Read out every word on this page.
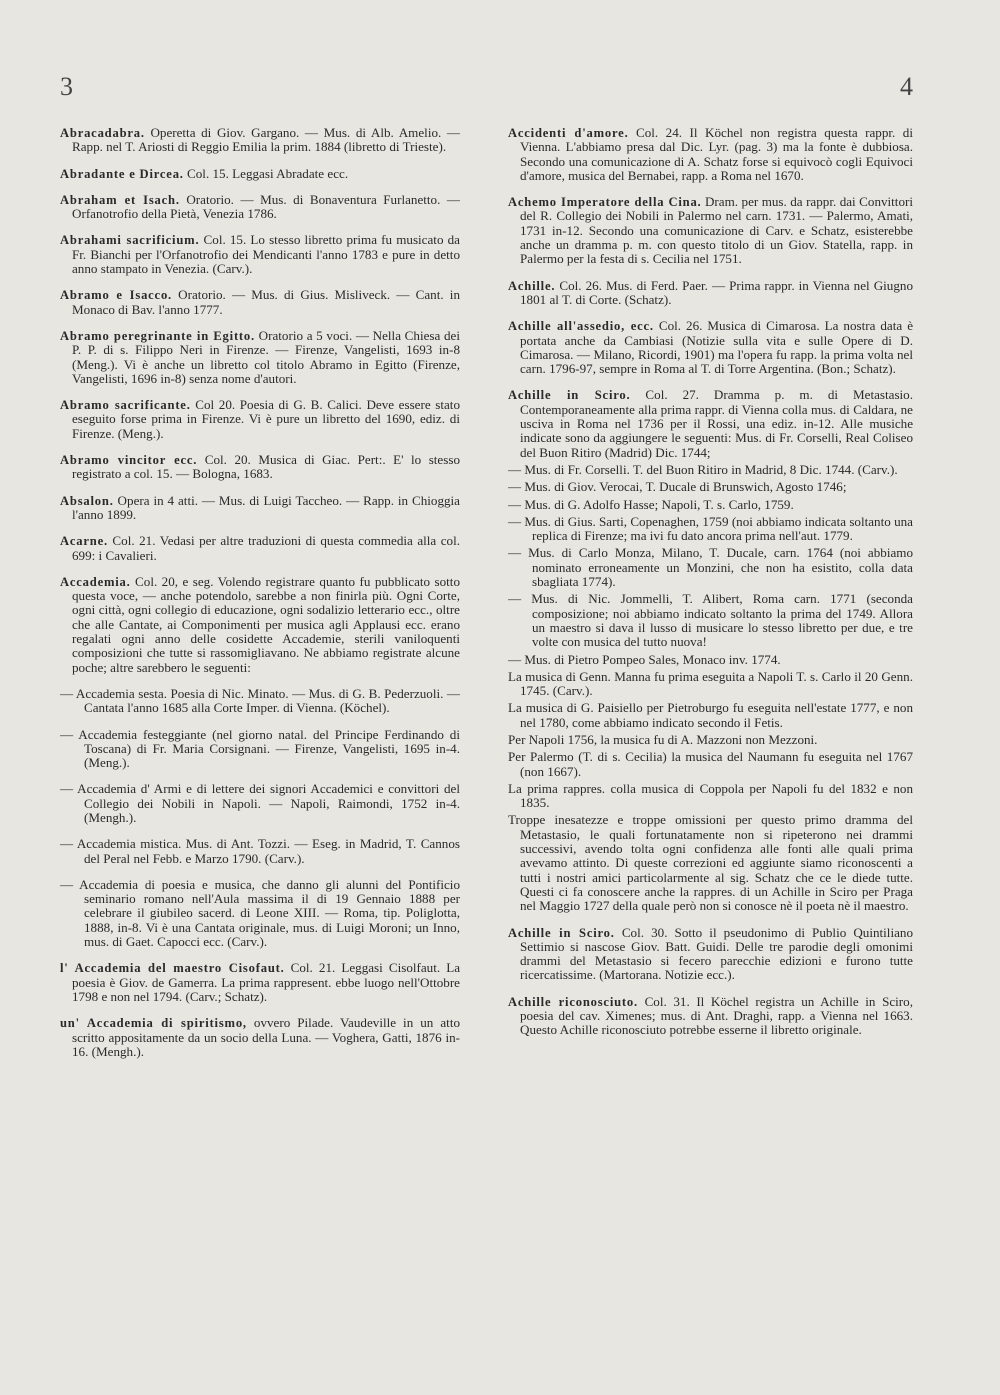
3	4

Abracadabra. Operetta di Giov. Gargano. — Mus. di Alb. Amelio. — Rapp. nel T. Ariosti di Reggio Emilia la prim. 1884 (libretto di Trieste).

Abradante e Dircea. Col. 15. Leggasi Abradate ecc.

Abraham et Isach. Oratorio. — Mus. di Bonaventura Furlanetto. — Orfanotrofio della Pietà, Venezia 1786.

Abrahami sacrificium. Col. 15. Lo stesso libretto prima fu musicato da Fr. Bianchi per l'Orfanotrofio dei Mendicanti l'anno 1783 e pure in detto anno stampato in Venezia. (Carv.).

Abramo e Isacco. Oratorio. — Mus. di Gius. Misliveck. — Cant. in Monaco di Bav. l'anno 1777.

Abramo peregrinante in Egitto. Oratorio a 5 voci. — Nella Chiesa dei P. P. di s. Filippo Neri in Firenze. — Firenze, Vangelisti, 1693 in-8 (Meng.). Vi è anche un libretto col titolo Abramo in Egitto (Firenze, Vangelisti, 1696 in-8) senza nome d'autori.

Abramo sacrificante. Col 20. Poesia di G. B. Calici. Deve essere stato eseguito forse prima in Firenze. Vi è pure un libretto del 1690, ediz. di Firenze. (Meng.).

Abramo vincitor ecc. Col. 20. Musica di Giac. Pert:. E' lo stesso registrato a col. 15. — Bologna, 1683.

Absalon. Opera in 4 atti. — Mus. di Luigi Taccheo. — Rapp. in Chioggia l'anno 1899.

Acarne. Col. 21. Vedasi per altre traduzioni di questa commedia alla col. 699: i Cavalieri.

Accademia. Col. 20, e seg. Volendo registrare quanto fu pubblicato sotto questa voce, — anche potendolo, sarebbe a non finirla più. Ogni Corte, ogni città, ogni collegio di educazione, ogni sodalizio letterario ecc., oltre che alle Cantate, ai Componimenti per musica agli Applausi ecc. erano regalati ogni anno delle cosidette Accademie, sterili vaniloquenti composizioni che tutte si rassomigliavano. Ne abbiamo registrate alcune poche; altre sarebbero le seguenti:

— Accademia sesta. Poesia di Nic. Minato. — Mus. di G. B. Pederzuoli. — Cantata l'anno 1685 alla Corte Imper. di Vienna. (Köchel).

— Accademia festeggiante (nel giorno natal. del Principe Ferdinando di Toscana) di Fr. Maria Corsignani. — Firenze, Vangelisti, 1695 in-4. (Meng.).

— Accademia d' Armi e di lettere dei signori Accademici e convittori del Collegio dei Nobili in Napoli. — Napoli, Raimondi, 1752 in-4. (Mengh.).

— Accademia mistica. Mus. di Ant. Tozzi. — Eseg. in Madrid, T. Cannos del Peral nel Febb. e Marzo 1790. (Carv.).

— Accademia di poesia e musica, che danno gli alunni del Pontificio seminario romano nell'Aula massima il di 19 Gennaio 1888 per celebrare il giubileo sacerd. di Leone XIII. — Roma, tip. Poliglotta, 1888, in-8. Vi è una Cantata originale, mus. di Luigi Moroni; un Inno, mus. di Gaet. Capocci ecc. (Carv.).

l' Accademia del maestro Cisofaut. Col. 21. Leggasi Cisolfaut. La poesia è Giov. de Gamerra. La prima rappresent. ebbe luogo nell'Ottobre 1798 e non nel 1794. (Carv.; Schatz).

un' Accademia di spiritismo, ovvero Pilade. Vaudeville in un atto scritto appositamente da un socio della Luna. — Voghera, Gatti, 1876 in-16. (Mengh.).

Accidenti d'amore. Col. 24. Il Köchel non registra questa rappr. di Vienna. L'abbiamo presa dal Dic. Lyr. (pag. 3) ma la fonte è dubbiosa. Secondo una comunicazione di A. Schatz forse si equivocò cogli Equivoci d'amore, musica del Bernabei, rapp. a Roma nel 1670.

Achemo Imperatore della Cina. Dram. per mus. da rappr. dai Convittori del R. Collegio dei Nobili in Palermo nel carn. 1731. — Palermo, Amati, 1731 in-12. Secondo una comunicazione di Carv. e Schatz, esisterebbe anche un dramma p. m. con questo titolo di un Giov. Statella, rapp. in Palermo per la festa di s. Cecilia nel 1751.

Achille. Col. 26. Mus. di Ferd. Paer. — Prima rappr. in Vienna nel Giugno 1801 al T. di Corte. (Schatz).

Achille all'assedio, ecc. Col. 26. Musica di Cimarosa. La nostra data è portata anche da Cambiasi (Notizie sulla vita e sulle Opere di D. Cimarosa. — Milano, Ricordi, 1901) ma l'opera fu rapp. la prima volta nel carn. 1796-97, sempre in Roma al T. di Torre Argentina. (Bon.; Schatz).

Achille in Sciro. Col. 27. Dramma p. m. di Metastasio. Contemporaneamente alla prima rappr. di Vienna colla mus. di Caldara, ne usciva in Roma nel 1736 per il Rossi, una ediz. in-12. Alle musiche indicate sono da aggiungere le seguenti: Mus. di Fr. Corselli, Real Coliseo del Buon Ritiro (Madrid) Dic. 1744;

— Mus. di Fr. Corselli. T. del Buon Ritiro in Madrid, 8 Dic. 1744. (Carv.).

— Mus. di Giov. Verocai, T. Ducale di Brunswich, Agosto 1746;

— Mus. di G. Adolfo Hasse; Napoli, T. s. Carlo, 1759.

— Mus. di Gius. Sarti, Copenaghen, 1759 (noi abbiamo indicata soltanto una replica di Firenze; ma ivi fu dato ancora prima nell'aut. 1779.

— Mus. di Carlo Monza, Milano, T. Ducale, carn. 1764 (noi abbiamo nominato erroneamente un Monzini, che non ha esistito, colla data sbagliata 1774).

— Mus. di Nic. Jommelli, T. Alibert, Roma carn. 1771 (seconda composizione; noi abbiamo indicato soltanto la prima del 1749. Allora un maestro si dava il lusso di musicare lo stesso libretto per due, e tre volte con musica del tutto nuova!

— Mus. di Pietro Pompeo Sales, Monaco inv. 1774.

La musica di Genn. Manna fu prima eseguita a Napoli T. s. Carlo il 20 Genn. 1745. (Carv.).

La musica di G. Paisiello per Pietroburgo fu eseguita nell'estate 1777, e non nel 1780, come abbiamo indicato secondo il Fetis.

Per Napoli 1756, la musica fu di A. Mazzoni non Mezzoni.

Per Palermo (T. di s. Cecilia) la musica del Naumann fu eseguita nel 1767 (non 1667).

La prima rappres. colla musica di Coppola per Napoli fu del 1832 e non 1835.

Troppe inesatezze e troppe omissioni per questo primo dramma del Metastasio, le quali fortunatamente non si ripeterono nei drammi successivi, avendo tolta ogni confidenza alle fonti alle quali prima avevamo attinto. Di queste correzioni ed aggiunte siamo riconoscenti a tutti i nostri amici particolarmente al sig. Schatz che ce le diede tutte. Questi ci fa conoscere anche la rappres. di un Achille in Sciro per Praga nel Maggio 1727 della quale però non si conosce nè il poeta nè il maestro.

Achille in Sciro. Col. 30. Sotto il pseudonimo di Publio Quintiliano Settimio si nascose Giov. Batt. Guidi. Delle tre parodie degli omonimi drammi del Metastasio si fecero parecchie edizioni e furono tutte ricercatissime. (Martorana. Notizie ecc.).

Achille riconosciuto. Col. 31. Il Köchel registra un Achille in Sciro, poesia del cav. Ximenes; mus. di Ant. Draghi, rapp. a Vienna nel 1663. Questo Achille riconosciuto potrebbe esserne il libretto originale.
